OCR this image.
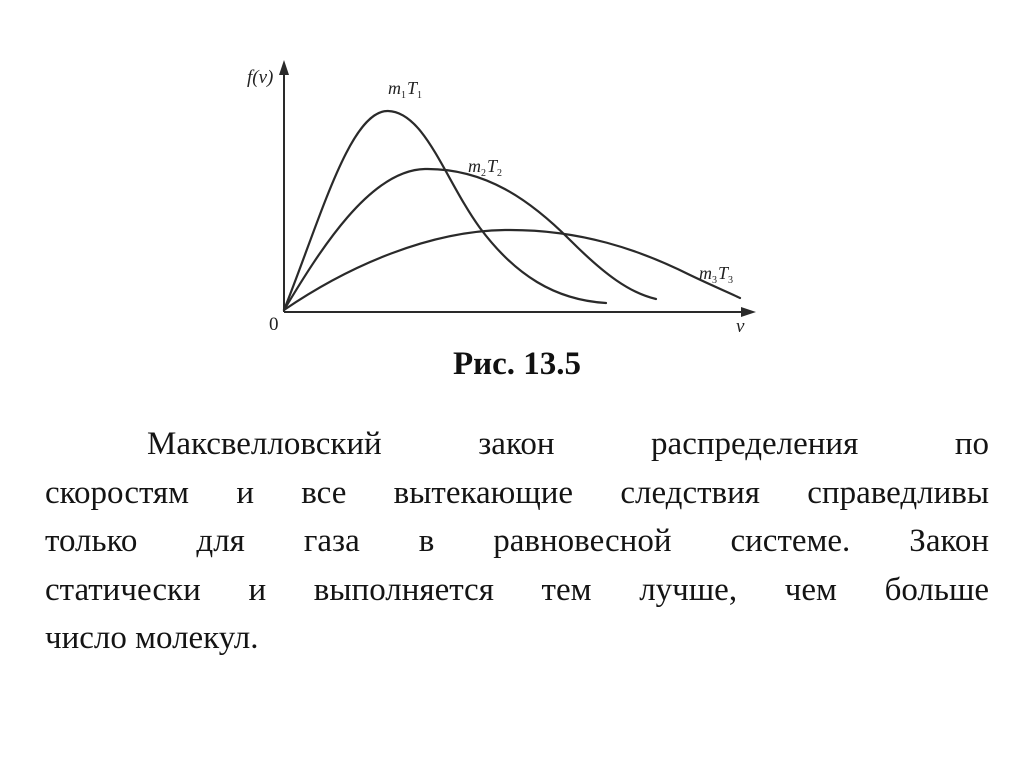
f(v)
v
0
$m_1T_1$
$m_2T_2$
$m_3T_3$
Рис. 13.5
Максвелловский закон распределения по
скоростям и все вытекающие следствия справедливы
только для газа в равновесной системе. Закон
статически и выполняется тем лучше, чем больше
число молекул.
